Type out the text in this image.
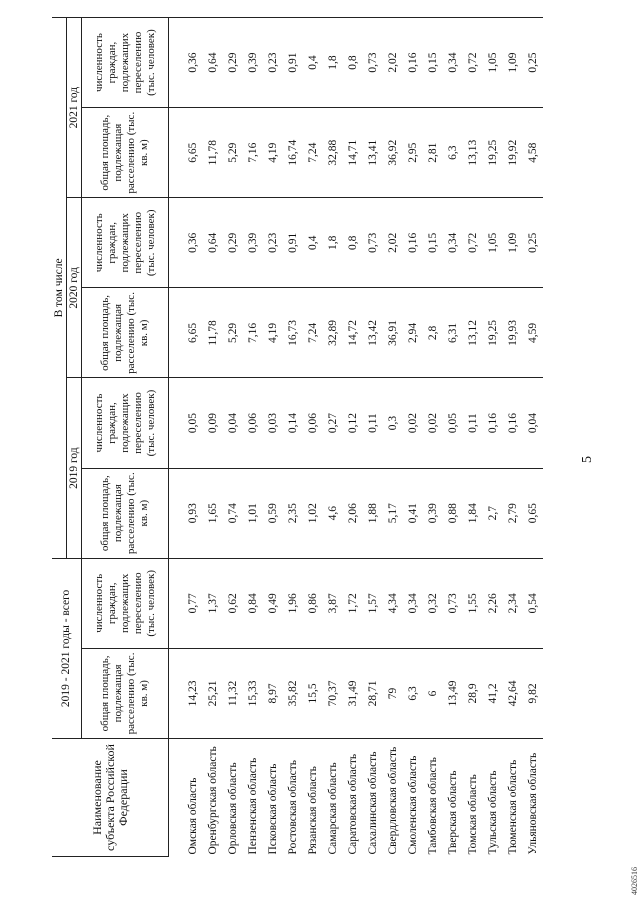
5
4026516
Наименование субъекта Российской Федерации	2019 - 2021 годы - всего		В том числе					
			2019 год		2020 год		2021 год	
	общая площадь, подлежащая расселению (тыс. кв. м)	численность граждан, подлежащих переселению (тыс. человек)	общая площадь, подлежащая расселению (тыс. кв. м)	численность граждан, подлежащих переселению (тыс. человек)	общая площадь, подлежащая расселению (тыс. кв. м)	численность граждан, подлежащих переселению (тыс. человек)	общая площадь, подлежащая расселению (тыс. кв. м)	численность граждан, подлежащих переселению (тыс. человек)
Омская область	14,23	0,77	0,93	0,05	6,65	0,36	6,65	0,36
Оренбургская область	25,21	1,37	1,65	0,09	11,78	0,64	11,78	0,64
Орловская область	11,32	0,62	0,74	0,04	5,29	0,29	5,29	0,29
Пензенская область	15,33	0,84	1,01	0,06	7,16	0,39	7,16	0,39
Псковская область	8,97	0,49	0,59	0,03	4,19	0,23	4,19	0,23
Ростовская область	35,82	1,96	2,35	0,14	16,73	0,91	16,74	0,91
Рязанская область	15,5	0,86	1,02	0,06	7,24	0,4	7,24	0,4
Самарская область	70,37	3,87	4,6	0,27	32,89	1,8	32,88	1,8
Саратовская область	31,49	1,72	2,06	0,12	14,72	0,8	14,71	0,8
Сахалинская область	28,71	1,57	1,88	0,11	13,42	0,73	13,41	0,73
Свердловская область	79	4,34	5,17	0,3	36,91	2,02	36,92	2,02
Смоленская область	6,3	0,34	0,41	0,02	2,94	0,16	2,95	0,16
Тамбовская область	6	0,32	0,39	0,02	2,8	0,15	2,81	0,15
Тверская область	13,49	0,73	0,88	0,05	6,31	0,34	6,3	0,34
Томская область	28,9	1,55	1,84	0,11	13,12	0,72	13,13	0,72
Тульская область	41,2	2,26	2,7	0,16	19,25	1,05	19,25	1,05
Тюменская область	42,64	2,34	2,79	0,16	19,93	1,09	19,92	1,09
Ульяновская область	9,82	0,54	0,65	0,04	4,59	0,25	4,58	0,25
